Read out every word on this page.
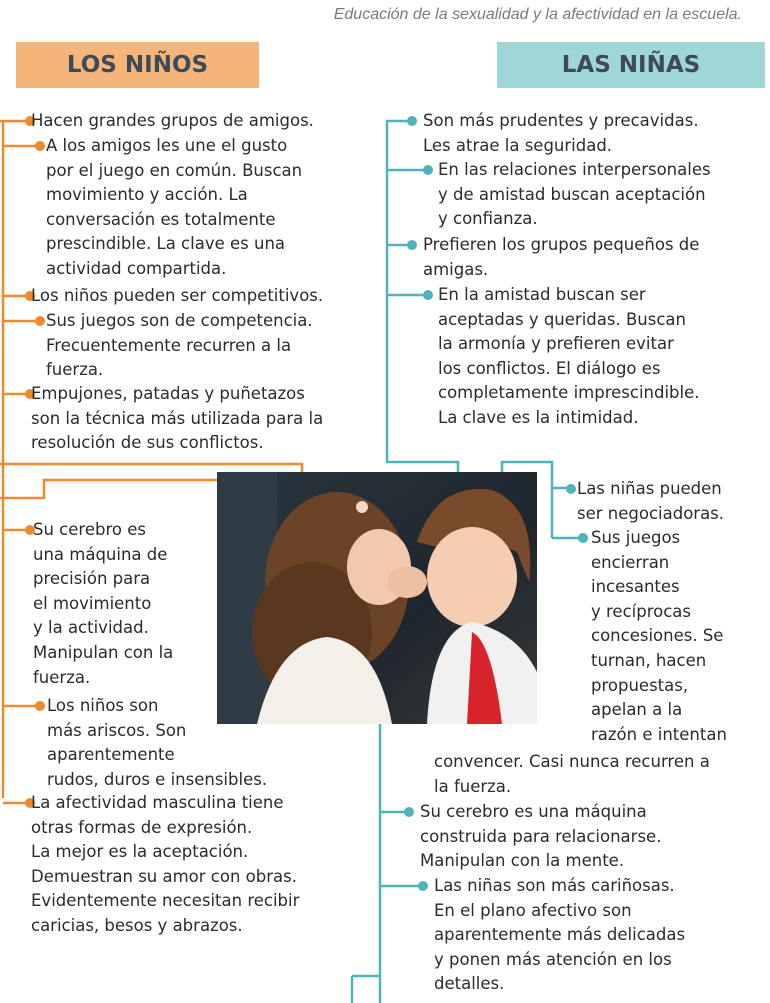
Educación de la sexualidad y la afectividad en la escuela.
LOS NIÑOS	LAS NIÑAS
Hacen grandes grupos de amigos.
A los amigos les une el gusto
por el juego en común. Buscan
movimiento y acción. La
conversación es totalmente
prescindible. La clave es una
actividad compartida.
Los niños pueden ser competitivos.
Sus juegos son de competencia.
Frecuentemente recurren a la
fuerza.
Empujones, patadas y puñetazos
son la técnica más utilizada para la
resolución de sus conflictos.
Su cerebro es
una máquina de
precisión para
el movimiento
y la actividad.
Manipulan con la
fuerza.
Los niños son
más ariscos. Son
aparentemente
rudos, duros e insensibles.
La afectividad masculina tiene
otras formas de expresión.
La mejor es la aceptación.
Demuestran su amor con obras.
Evidentemente necesitan recibir
caricias, besos y abrazos.
Son más prudentes y precavidas.
Les atrae la seguridad.
En las relaciones interpersonales
y de amistad buscan aceptación
y confianza.
Prefieren los grupos pequeños de
amigas.
En la amistad buscan ser
aceptadas y queridas. Buscan
la armonía y prefieren evitar
los conflictos. El diálogo es
completamente imprescindible.
La clave es la intimidad.
Las niñas pueden
ser negociadoras.
Sus juegos
encierran
incesantes
y recíprocas
concesiones. Se
turnan, hacen
propuestas,
apelan a la
razón e intentan
convencer. Casi nunca recurren a
la fuerza.
Su cerebro es una máquina
construida para relacionarse.
Manipulan con la mente.
Las niñas son más cariñosas.
En el plano afectivo son
aparentemente más delicadas
y ponen más atención en los
detalles.
